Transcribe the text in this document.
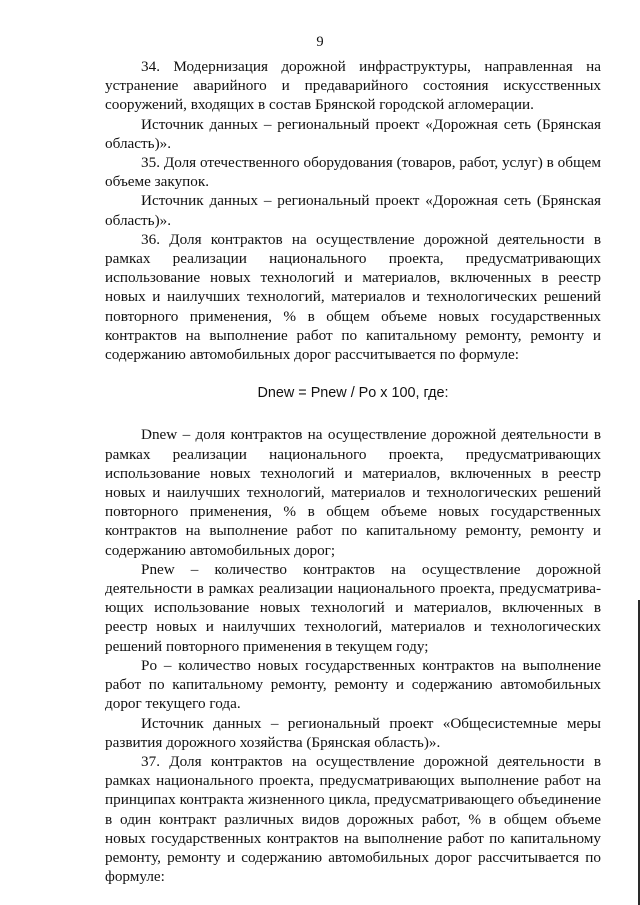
9

34. Модернизация дорожной инфраструктуры, направленная на устранение аварийного и предаварийного состояния искусственных сооружений, входящих в состав Брянской городской агломерации.

Источник данных – региональный проект «Дорожная сеть (Брянская область)».

35. Доля отечественного оборудования (товаров, работ, услуг) в общем объеме закупок.

Источник данных – региональный проект «Дорожная сеть (Брянская область)».

36. Доля контрактов на осуществление дорожной деятельности в рамках реализации национального проекта, предусматривающих использование новых технологий и материалов, включенных в реестр новых и наилучших технологий, материалов и технологических решений повторного применения, % в общем объеме новых государственных контрактов на выполнение работ по капитальному ремонту, ремонту и содержанию автомобильных дорог рассчитывается по формуле:

Dnew = Pnew / Po x 100, где:

Dnew – доля контрактов на осуществление дорожной деятельности в рамках реализации национального проекта, предусматривающих использование новых технологий и материалов, включенных в реестр новых и наилучших технологий, материалов и технологических решений повторного применения, % в общем объеме новых государственных контрактов на выполнение работ по капитальному ремонту, ремонту и содержанию автомобильных дорог;

Pnew – количество контрактов на осуществление дорожной деятельности в рамках реализации национального проекта, предусматривающих использование новых технологий и материалов, включенных в реестр новых и наилучших технологий, материалов и технологических решений повторного применения в текущем году;

Po – количество новых государственных контрактов на выполнение работ по капитальному ремонту, ремонту и содержанию автомобильных дорог текущего года.

Источник данных – региональный проект «Общесистемные меры развития дорожного хозяйства (Брянская область)».

37. Доля контрактов на осуществление дорожной деятельности в рамках национального проекта, предусматривающих выполнение работ на принципах контракта жизненного цикла, предусматривающего объединение в один контракт различных видов дорожных работ, % в общем объеме новых государственных контрактов на выполнение работ по капитальному ремонту, ремонту и содержанию автомобильных дорог рассчитывается по формуле:
